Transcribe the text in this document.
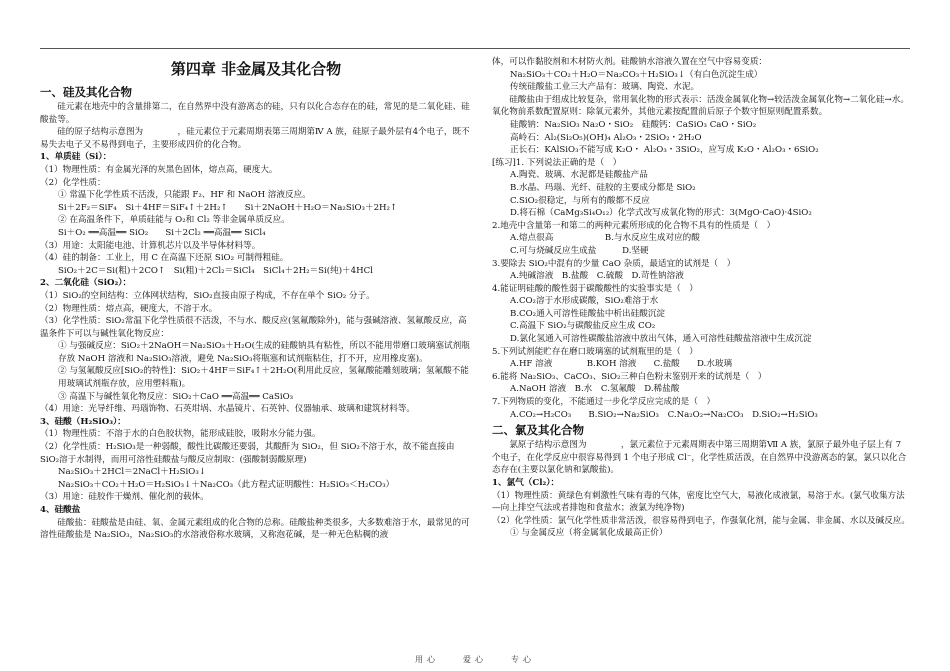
第四章 非金属及其化合物
一、硅及其化合物
硅元素在地壳中的含量排第二，在自然界中没有游离态的硅，只有以化合态存在的硅，常见的是二氧化硅、硅酸盐等。
硅的原子结构示意图为　　　　，硅元素位于元素周期表第三周期第Ⅳ A 族，硅原子最外层有4个电子，既不易失去电子又不易得到电子，主要形成四价的化合物。
1、单质硅（Si）：
（1）物理性质：有金属光泽的灰黑色固体，熔点高，硬度大。
（2）化学性质：
① 常温下化学性质不活泼，只能跟 F₂、HF 和 NaOH 溶液反应。
Si＋2F₂＝SiF₄　Si＋4HF＝SiF₄↑＋2H₂↑　　Si＋2NaOH＋H₂O＝Na₂SiO₃＋2H₂↑
② 在高温条件下，单质硅能与 O₂和 Cl₂ 等非金属单质反应。
Si＋O₂ ══高温══ SiO₂　　Si＋2Cl₂ ══高温══ SiCl₄
（3）用途：太阳能电池、计算机芯片以及半导体材料等。
（4）硅的制备：工业上，用 C 在高温下还原 SiO₂ 可制得粗硅。
SiO₂＋2C＝Si(粗)＋2CO↑　Si(粗)＋2Cl₂＝SiCl₄　SiCl₄＋2H₂＝Si(纯)＋4HCl
2、二氧化硅（SiO₂）：
（1）SiO₂的空间结构：立体网状结构，SiO₂直接由原子构成，不存在单个 SiO₂ 分子。
（2）物理性质：熔点高，硬度大，不溶于水。
（3）化学性质：SiO₂常温下化学性质很不活泼，不与水、酸反应(氢氟酸除外)，能与强碱溶液、氢氟酸反应，高温条件下可以与碱性氧化物反应：
① 与强碱反应：SiO₂＋2NaOH＝Na₂SiO₃＋H₂O(生成的硅酸钠具有粘性，所以不能用带磨口玻璃塞试剂瓶存放 NaOH 溶液和 Na₂SiO₃溶液，避免 Na₂SiO₃将瓶塞和试剂瓶粘住，打不开，应用橡皮塞)。
② 与氢氟酸反应[SiO₂的特性]：SiO₂＋4HF＝SiF₄↑＋2H₂O(利用此反应，氢氟酸能雕刻玻璃；氢氟酸不能用玻璃试剂瓶存放，应用塑料瓶)。
③ 高温下与碱性氧化物反应：SiO₂＋CaO ══高温══ CaSiO₃
（4）用途：光导纤维、玛瑙饰物、石英坩埚、水晶镜片、石英钟、仪器轴承、玻璃和建筑材料等。
3、硅酸（H₂SiO₃）：
（1）物理性质：不溶于水的白色胶状物，能形成硅胶，吸附水分能力强。
（2）化学性质：H₂SiO₃是一种弱酸，酸性比碳酸还要弱，其酸酐为 SiO₂，但 SiO₂不溶于水，故不能直接由 SiO₂溶于水制得，而用可溶性硅酸盐与酸反应制取：(强酸制弱酸原理)
Na₂SiO₃＋2HCl＝2NaCl＋H₂SiO₃↓
Na₂SiO₃＋CO₂＋H₂O＝H₂SiO₃↓＋Na₂CO₃（此方程式证明酸性：H₂SiO₃＜H₂CO₃）
（3）用途：硅胶作干燥剂、催化剂的载体。
4、硅酸盐
硅酸盐：硅酸盐是由硅、氧、金属元素组成的化合物的总称。硅酸盐种类很多，大多数难溶于水，最常见的可溶性硅酸盐是 Na₂SiO₃，Na₂SiO₃的水溶液俗称水玻璃，又称泡花碱，是一种无色粘稠的液
体，可以作黏胶剂和木材防火剂。硅酸钠水溶液久置在空气中容易变质：
Na₂SiO₃＋CO₂＋H₂O＝Na₂CO₃＋H₂SiO₃↓（有白色沉淀生成）
传统硅酸盐工业三大产品有：玻璃、陶瓷、水泥。
硅酸盐由于组成比较复杂，常用氧化物的形式表示：活泼金属氧化物→较活泼金属氧化物→二氧化硅→水。氧化物前系数配置原则：除氧元素外，其他元素按配置前后原子个数守恒原则配置系数。
硅酸钠：Na₂SiO₃ Na₂O・SiO₂　硅酸钙：CaSiO₃ CaO・SiO₂
高岭石：Al₂(Si₂O₅)(OH)₄ Al₂O₃・2SiO₂・2H₂O
正长石：KAlSiO₃不能写成 K₂O・ Al₂O₃・3SiO₂，应写成 K₂O・Al₂O₃・6SiO₂
[练习]1. 下列说法正确的是（　）
A.陶瓷、玻璃、水泥都是硅酸盐产品
B.水晶、玛瑙、光纤、硅胶的主要成分都是 SiO₂
C.SiO₂很稳定，与所有的酸都不反应
D.将石棉（CaMg₃Si₄O₁₂）化学式改写成氧化物的形式：3(MgO·CaO)·4SiO₂
2.地壳中含量第一和第二的两种元素所形成的化合物不具有的性质是（　）
A.熔点很高　　　　　　B.与水反应生成对应的酸
C.可与烧碱反应生成盐　　　D.坚硬
3.要除去 SiO₂中混有的少量 CaO 杂质，最适宜的试剂是（　）
A.纯碱溶液　B.盐酸　C.硫酸　D.苛性钠溶液
4.能证明硅酸的酸性弱于碳酸酸性的实验事实是（　）
A.CO₂溶于水形成碳酸，SiO₂难溶于水
B.CO₂通入可溶性硅酸盐中析出硅酸沉淀
C.高温下 SiO₂与碳酸盐反应生成 CO₂
D.氯化氢通入可溶性碳酸盐溶液中放出气体，通入可溶性硅酸盐溶液中生成沉淀
5.下列试剂能贮存在磨口玻璃塞的试剂瓶里的是（　）
A.HF 溶液　　　　B.KOH 溶液　　C.盐酸　　D.水玻璃
6.能将 Na₂SiO₃、CaCO₃、SiO₂三种白色粉末鉴别开来的试剂是（　）
A.NaOH 溶液　B.水　C.氢氟酸　D.稀盐酸
7.下列物质的变化，不能通过一步化学反应完成的是（　）
A.CO₂→H₂CO₃　　B.SiO₂→Na₂SiO₃　C.Na₂O₂→Na₂CO₃　D.SiO₂→H₂SiO₃
二、氯及其化合物
氯原子结构示意图为　　　　，氯元素位于元素周期表中第三周期第Ⅶ A 族，氯原子最外电子层上有 7 个电子，在化学反应中很容易得到 1 个电子形成 Cl⁻，化学性质活泼，在自然界中没游离态的氯，氯只以化合态存在(主要以氯化钠和氯酸盐)。
1、氯气（Cl₂）：
（1）物理性质：黄绿色有刺激性气味有毒的气体，密度比空气大，易液化成液氯，易溶于水。(氯气收集方法—向上排空气法或者排饱和食盐水；液氯为纯净物)
（2）化学性质：氯气化学性质非常活泼，很容易得到电子，作强氧化剂，能与金属、非金属、水以及碱反应。
① 与金属反应（将金属氧化成最高正价）
用心　　爱心　　专心
